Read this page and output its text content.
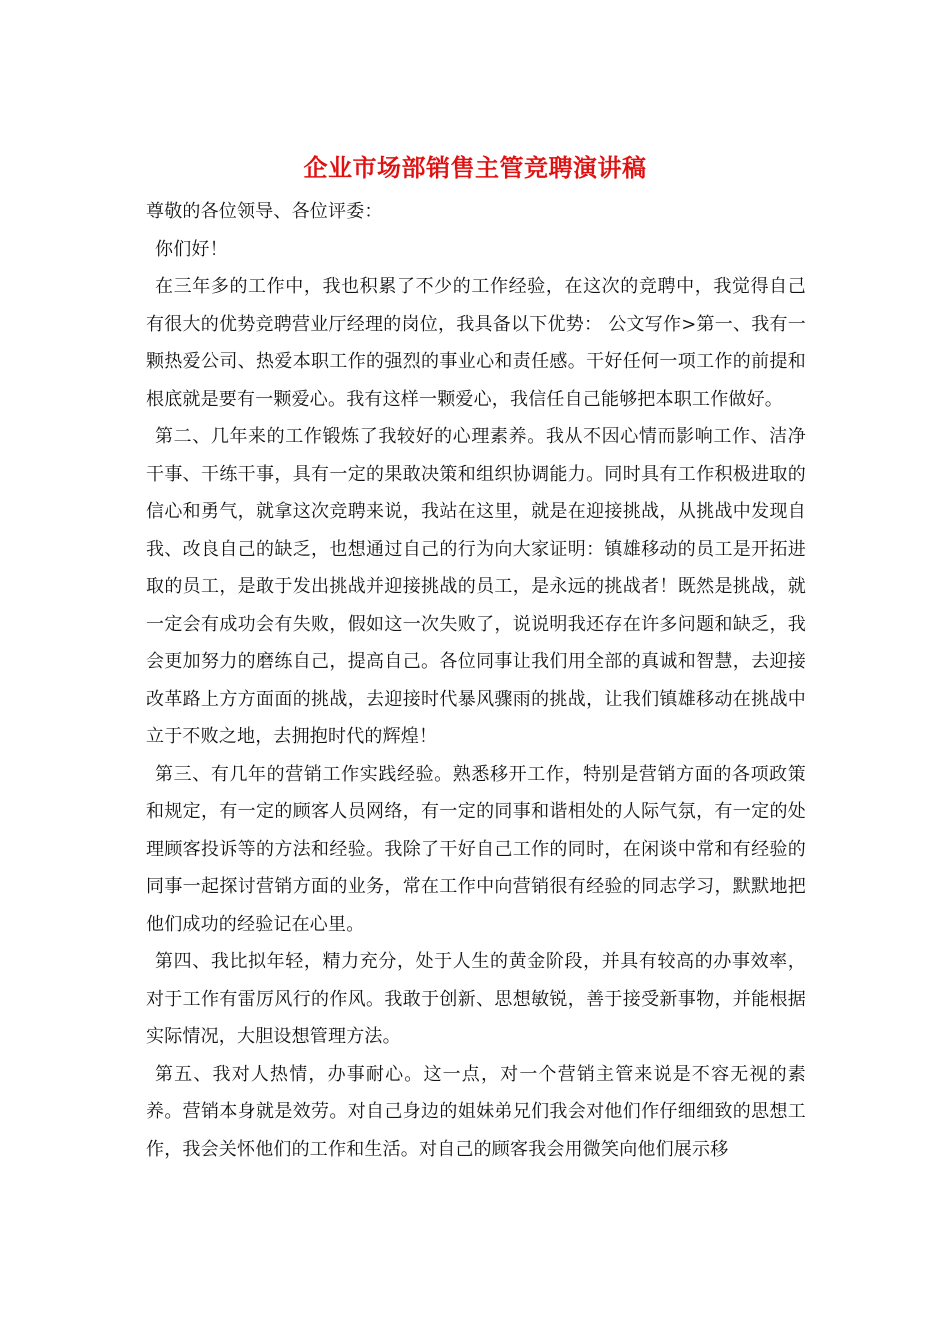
企业市场部销售主管竞聘演讲稿

尊敬的各位领导、各位评委：

你们好！

在三年多的工作中，我也积累了不少的工作经验，在这次的竞聘中，我觉得自己有很大的优势竞聘营业厅经理的岗位，我具备以下优势： 公文写作>第一、我有一颗热爱公司、热爱本职工作的强烈的事业心和责任感。干好任何一项工作的前提和根底就是要有一颗爱心。我有这样一颗爱心，我信任自己能够把本职工作做好。

第二、几年来的工作锻炼了我较好的心理素养。我从不因心情而影响工作、洁净干事、干练干事，具有一定的果敢决策和组织协调能力。同时具有工作积极进取的信心和勇气，就拿这次竞聘来说，我站在这里，就是在迎接挑战，从挑战中发现自我、改良自己的缺乏，也想通过自己的行为向大家证明：镇雄移动的员工是开拓进取的员工，是敢于发出挑战并迎接挑战的员工，是永远的挑战者！既然是挑战，就一定会有成功会有失败，假如这一次失败了，说说明我还存在许多问题和缺乏，我会更加努力的磨练自己，提高自己。各位同事让我们用全部的真诚和智慧，去迎接改革路上方方面面的挑战，去迎接时代暴风骤雨的挑战，让我们镇雄移动在挑战中立于不败之地，去拥抱时代的辉煌！

第三、有几年的营销工作实践经验。熟悉移开工作，特别是营销方面的各项政策和规定，有一定的顾客人员网络，有一定的同事和谐相处的人际气氛，有一定的处理顾客投诉等的方法和经验。我除了干好自己工作的同时，在闲谈中常和有经验的同事一起探讨营销方面的业务，常在工作中向营销很有经验的同志学习，默默地把他们成功的经验记在心里。

第四、我比拟年轻，精力充分，处于人生的黄金阶段，并具有较高的办事效率，对于工作有雷厉风行的作风。我敢于创新、思想敏锐，善于接受新事物，并能根据实际情况，大胆设想管理方法。

第五、我对人热情，办事耐心。这一点，对一个营销主管来说是不容无视的素养。营销本身就是效劳。对自己身边的姐妹弟兄们我会对他们作仔细细致的思想工作，我会关怀他们的工作和生活。对自己的顾客我会用微笑向他们展示移
